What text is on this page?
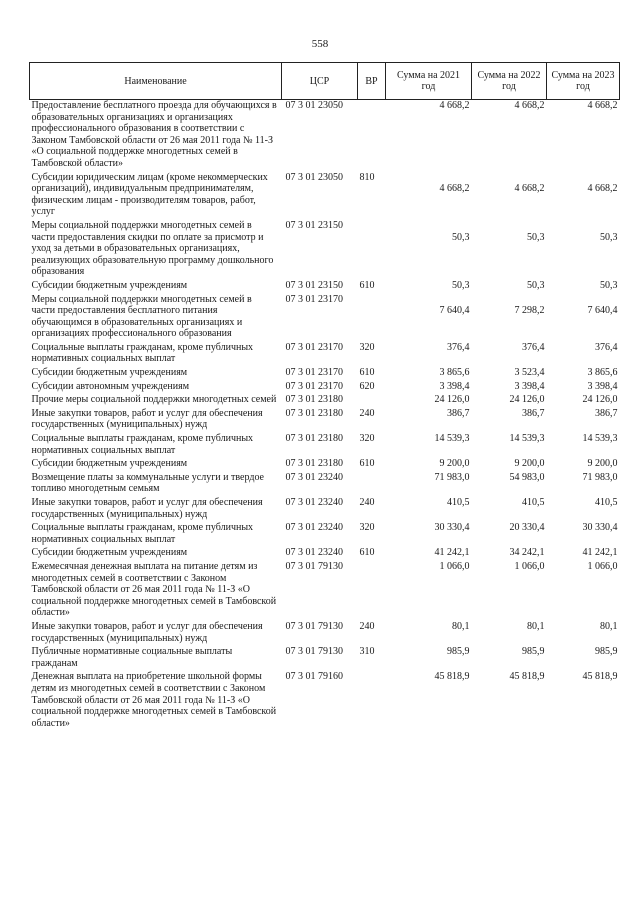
558
Наименование	ЦСР	ВР	Сумма на 2021 год	Сумма на 2022 год	Сумма на 2023 год
Предоставление бесплатного проезда для обучающихся в образовательных организациях и организациях профессионального образования в соответствии с Законом Тамбовской области от 26 мая 2011 года № 11-З «О социальной поддержке многодетных семей в Тамбовской области»	07 3 01 23050		4 668,2	4 668,2	4 668,2
Субсидии юридическим лицам (кроме некоммерческих организаций), индивидуальным предпринимателям, физическим лицам - производителям товаров, работ, услуг	07 3 01 23050	810	4 668,2	4 668,2	4 668,2
Меры социальной поддержки многодетных семей в части предоставления скидки по оплате за присмотр и уход за детьми в образовательных организациях, реализующих образовательную программу дошкольного образования	07 3 01 23150		50,3	50,3	50,3
Субсидии бюджетным учреждениям	07 3 01 23150	610	50,3	50,3	50,3
Меры социальной поддержки многодетных семей в части предоставления бесплатного питания обучающимся в образовательных организациях и организациях профессионального образования	07 3 01 23170		7 640,4	7 298,2	7 640,4
Социальные выплаты гражданам, кроме публичных нормативных социальных выплат	07 3 01 23170	320	376,4	376,4	376,4
Субсидии бюджетным учреждениям	07 3 01 23170	610	3 865,6	3 523,4	3 865,6
Субсидии автономным учреждениям	07 3 01 23170	620	3 398,4	3 398,4	3 398,4
Прочие меры социальной поддержки многодетных семей	07 3 01 23180		24 126,0	24 126,0	24 126,0
Иные закупки товаров, работ и услуг для обеспечения государственных (муниципальных) нужд	07 3 01 23180	240	386,7	386,7	386,7
Социальные выплаты гражданам, кроме публичных нормативных социальных выплат	07 3 01 23180	320	14 539,3	14 539,3	14 539,3
Субсидии бюджетным учреждениям	07 3 01 23180	610	9 200,0	9 200,0	9 200,0
Возмещение платы за коммунальные услуги и твердое топливо многодетным семьям	07 3 01 23240		71 983,0	54 983,0	71 983,0
Иные закупки товаров, работ и услуг для обеспечения государственных (муниципальных) нужд	07 3 01 23240	240	410,5	410,5	410,5
Социальные выплаты гражданам, кроме публичных нормативных социальных выплат	07 3 01 23240	320	30 330,4	20 330,4	30 330,4
Субсидии бюджетным учреждениям	07 3 01 23240	610	41 242,1	34 242,1	41 242,1
Ежемесячная денежная выплата на питание детям из многодетных семей в соответствии с Законом Тамбовской области от 26 мая 2011 года № 11-З «О социальной поддержке многодетных семей в Тамбовской области»	07 3 01 79130		1 066,0	1 066,0	1 066,0
Иные закупки товаров, работ и услуг для обеспечения государственных (муниципальных) нужд	07 3 01 79130	240	80,1	80,1	80,1
Публичные нормативные социальные выплаты гражданам	07 3 01 79130	310	985,9	985,9	985,9
Денежная выплата на приобретение школьной формы детям из многодетных семей в соответствии с Законом Тамбовской области от 26 мая 2011 года № 11-З «О социальной поддержке многодетных семей в Тамбовской области»	07 3 01 79160		45 818,9	45 818,9	45 818,9
